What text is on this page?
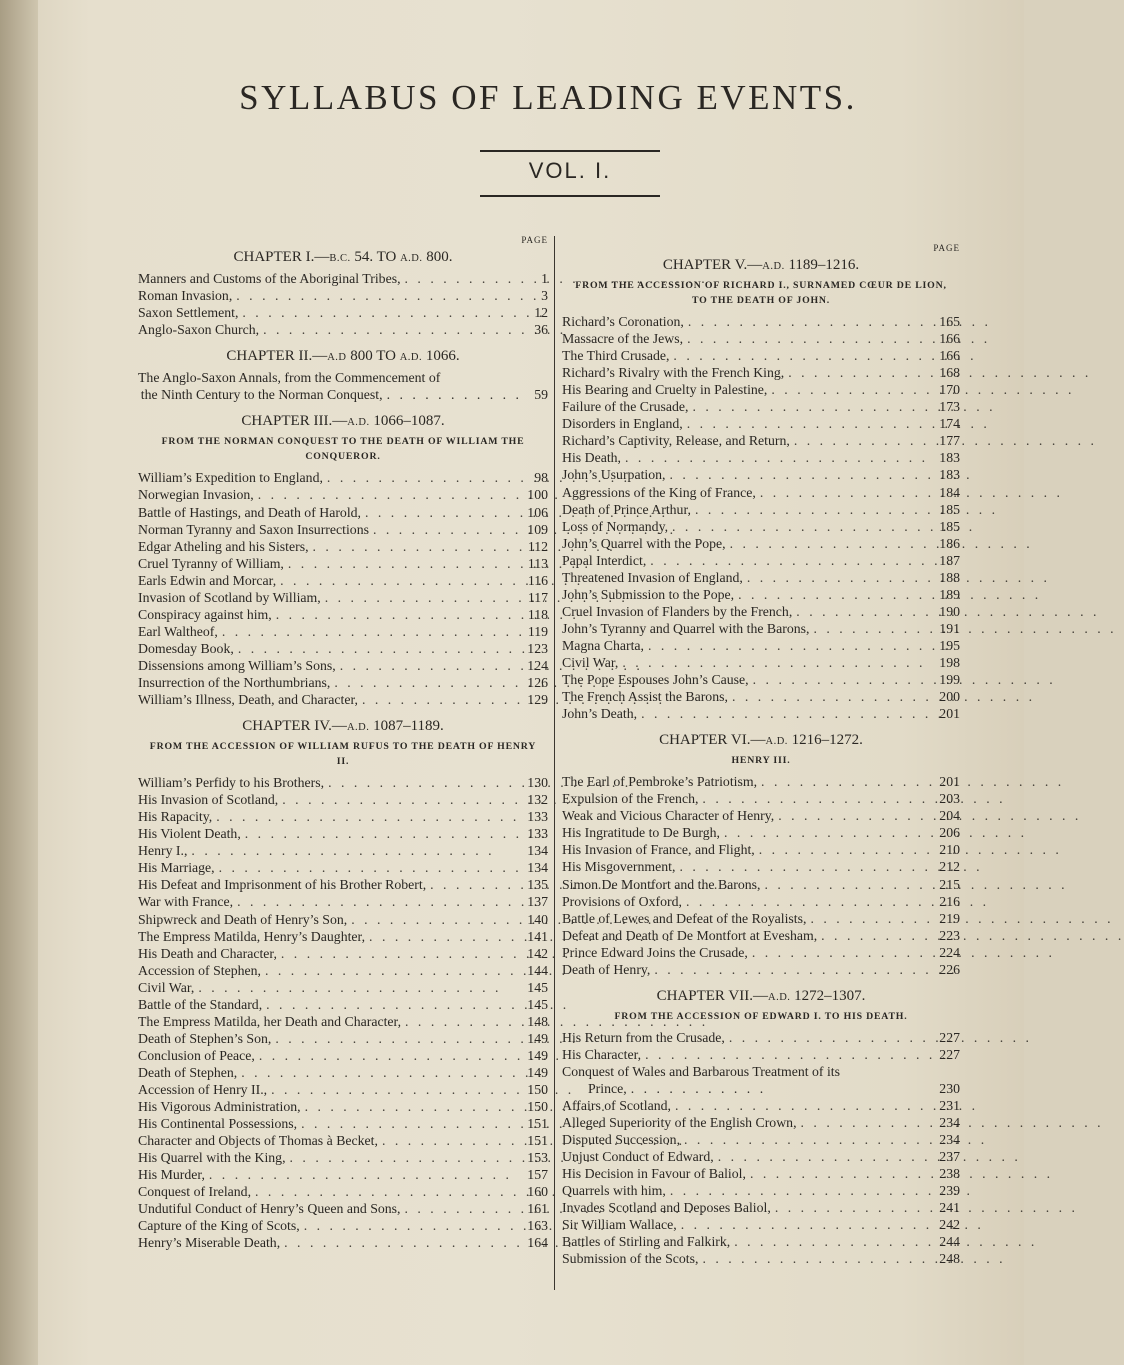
SYLLABUS OF LEADING EVENTS.
VOL. I.
PAGE
CHAPTER I.—B.C. 54. TO A.D. 800.
Manners and Customs of the Aboriginal Tribes, . .	1
Roman Invasion, . .	3
Saxon Settlement, . .	12
Anglo-Saxon Church, . .	36
CHAPTER II.—A.D 800 TO A.D. 1066.
The Anglo-Saxon Annals, from the Commencement of
the Ninth Century to the Norman Conquest, . .	59
CHAPTER III.—A.D. 1066–1087.
FROM THE NORMAN CONQUEST TO THE DEATH OF WILLIAM THE CONQUEROR.
William’s Expedition to England, . .	98
Norwegian Invasion, . .	100
Battle of Hastings, and Death of Harold, . .	106
Norman Tyranny and Saxon Insurrections . .	109
Edgar Atheling and his Sisters, . .	112
Cruel Tyranny of William, . .	113
Earls Edwin and Morcar, . .	116
Invasion of Scotland by William, . .	117
Conspiracy against him, . .	118
Earl Waltheof, . .	119
Domesday Book, . .	123
Dissensions among William’s Sons, . .	124
Insurrection of the Northumbrians, . .	126
William’s Illness, Death, and Character, . .	129
CHAPTER IV.—A.D. 1087–1189.
FROM THE ACCESSION OF WILLIAM RUFUS TO THE DEATH OF HENRY II.
William’s Perfidy to his Brothers, . .	130
His Invasion of Scotland, . .	132
His Rapacity, . .	133
His Violent Death, . .	133
Henry I., . .	134
His Marriage, . .	134
His Defeat and Imprisonment of his Brother Robert, . .	135
War with France, . .	137
Shipwreck and Death of Henry’s Son, . .	140
The Empress Matilda, Henry’s Daughter, . .	141
His Death and Character, . .	142
Accession of Stephen, . .	144
Civil War, . .	145
Battle of the Standard, . .	145
The Empress Matilda, her Death and Character, . .	148
Death of Stephen’s Son, . .	149
Conclusion of Peace, . .	149
Death of Stephen, . .	149
Accession of Henry II., . .	150
His Vigorous Administration, . .	150
His Continental Possessions, . .	151
Character and Objects of Thomas à Becket, . .	151
His Quarrel with the King, . .	153
His Murder, . .	157
Conquest of Ireland, . .	160
Undutiful Conduct of Henry’s Queen and Sons, . .	161
Capture of the King of Scots, . .	163
Henry’s Miserable Death, . .	164
PAGE
CHAPTER V.—A.D. 1189–1216.
FROM THE ACCESSION OF RICHARD I., SURNAMED CŒUR DE LION, TO THE DEATH OF JOHN.
Richard’s Coronation, . .	165
Massacre of the Jews, . .	166
The Third Crusade, . .	166
Richard’s Rivalry with the French King, . .	168
His Bearing and Cruelty in Palestine, . .	170
Failure of the Crusade, . .	173
Disorders in England, . .	174
Richard’s Captivity, Release, and Return, . .	177
His Death, . .	183
John’s Usurpation, . .	183
Aggressions of the King of France, . .	184
Death of Prince Arthur, . .	185
Loss of Normandy, . .	185
John’s Quarrel with the Pope, . .	186
Papal Interdict, . .	187
Threatened Invasion of England, . .	188
John’s Submission to the Pope, . .	189
Cruel Invasion of Flanders by the French, . .	190
John’s Tyranny and Quarrel with the Barons, . .	191
Magna Charta, . .	195
Civil War, . .	198
The Pope Espouses John’s Cause, . .	199
The French Assist the Barons, . .	200
John’s Death, . .	201
CHAPTER VI.—A.D. 1216–1272.
HENRY III.
The Earl of Pembroke’s Patriotism, . .	201
Expulsion of the French, . .	203
Weak and Vicious Character of Henry, . .	204
His Ingratitude to De Burgh, . .	206
His Invasion of France, and Flight, . .	210
His Misgovernment, . .	212
Simon De Montfort and the Barons, . .	215
Provisions of Oxford, . .	216
Battle of Lewes and Defeat of the Royalists, . .	219
Defeat and Death of De Montfort at Evesham, . .	223
Prince Edward Joins the Crusade, . .	224
Death of Henry, . .	226
CHAPTER VII.—A.D. 1272–1307.
FROM THE ACCESSION OF EDWARD I. TO HIS DEATH.
His Return from the Crusade, . .	227
His Character, . .	227
Conquest of Wales and Barbarous Treatment of its
Prince, . .	230
Affairs of Scotland, . .	231
Alleged Superiority of the English Crown, . .	234
Disputed Succession, . .	234
Unjust Conduct of Edward, . .	237
His Decision in Favour of Baliol, . .	238
Quarrels with him, . .	239
Invades Scotland and Deposes Baliol, . .	241
Sir William Wallace, . .	242
Battles of Stirling and Falkirk, . .	244
Submission of the Scots, . .	248
